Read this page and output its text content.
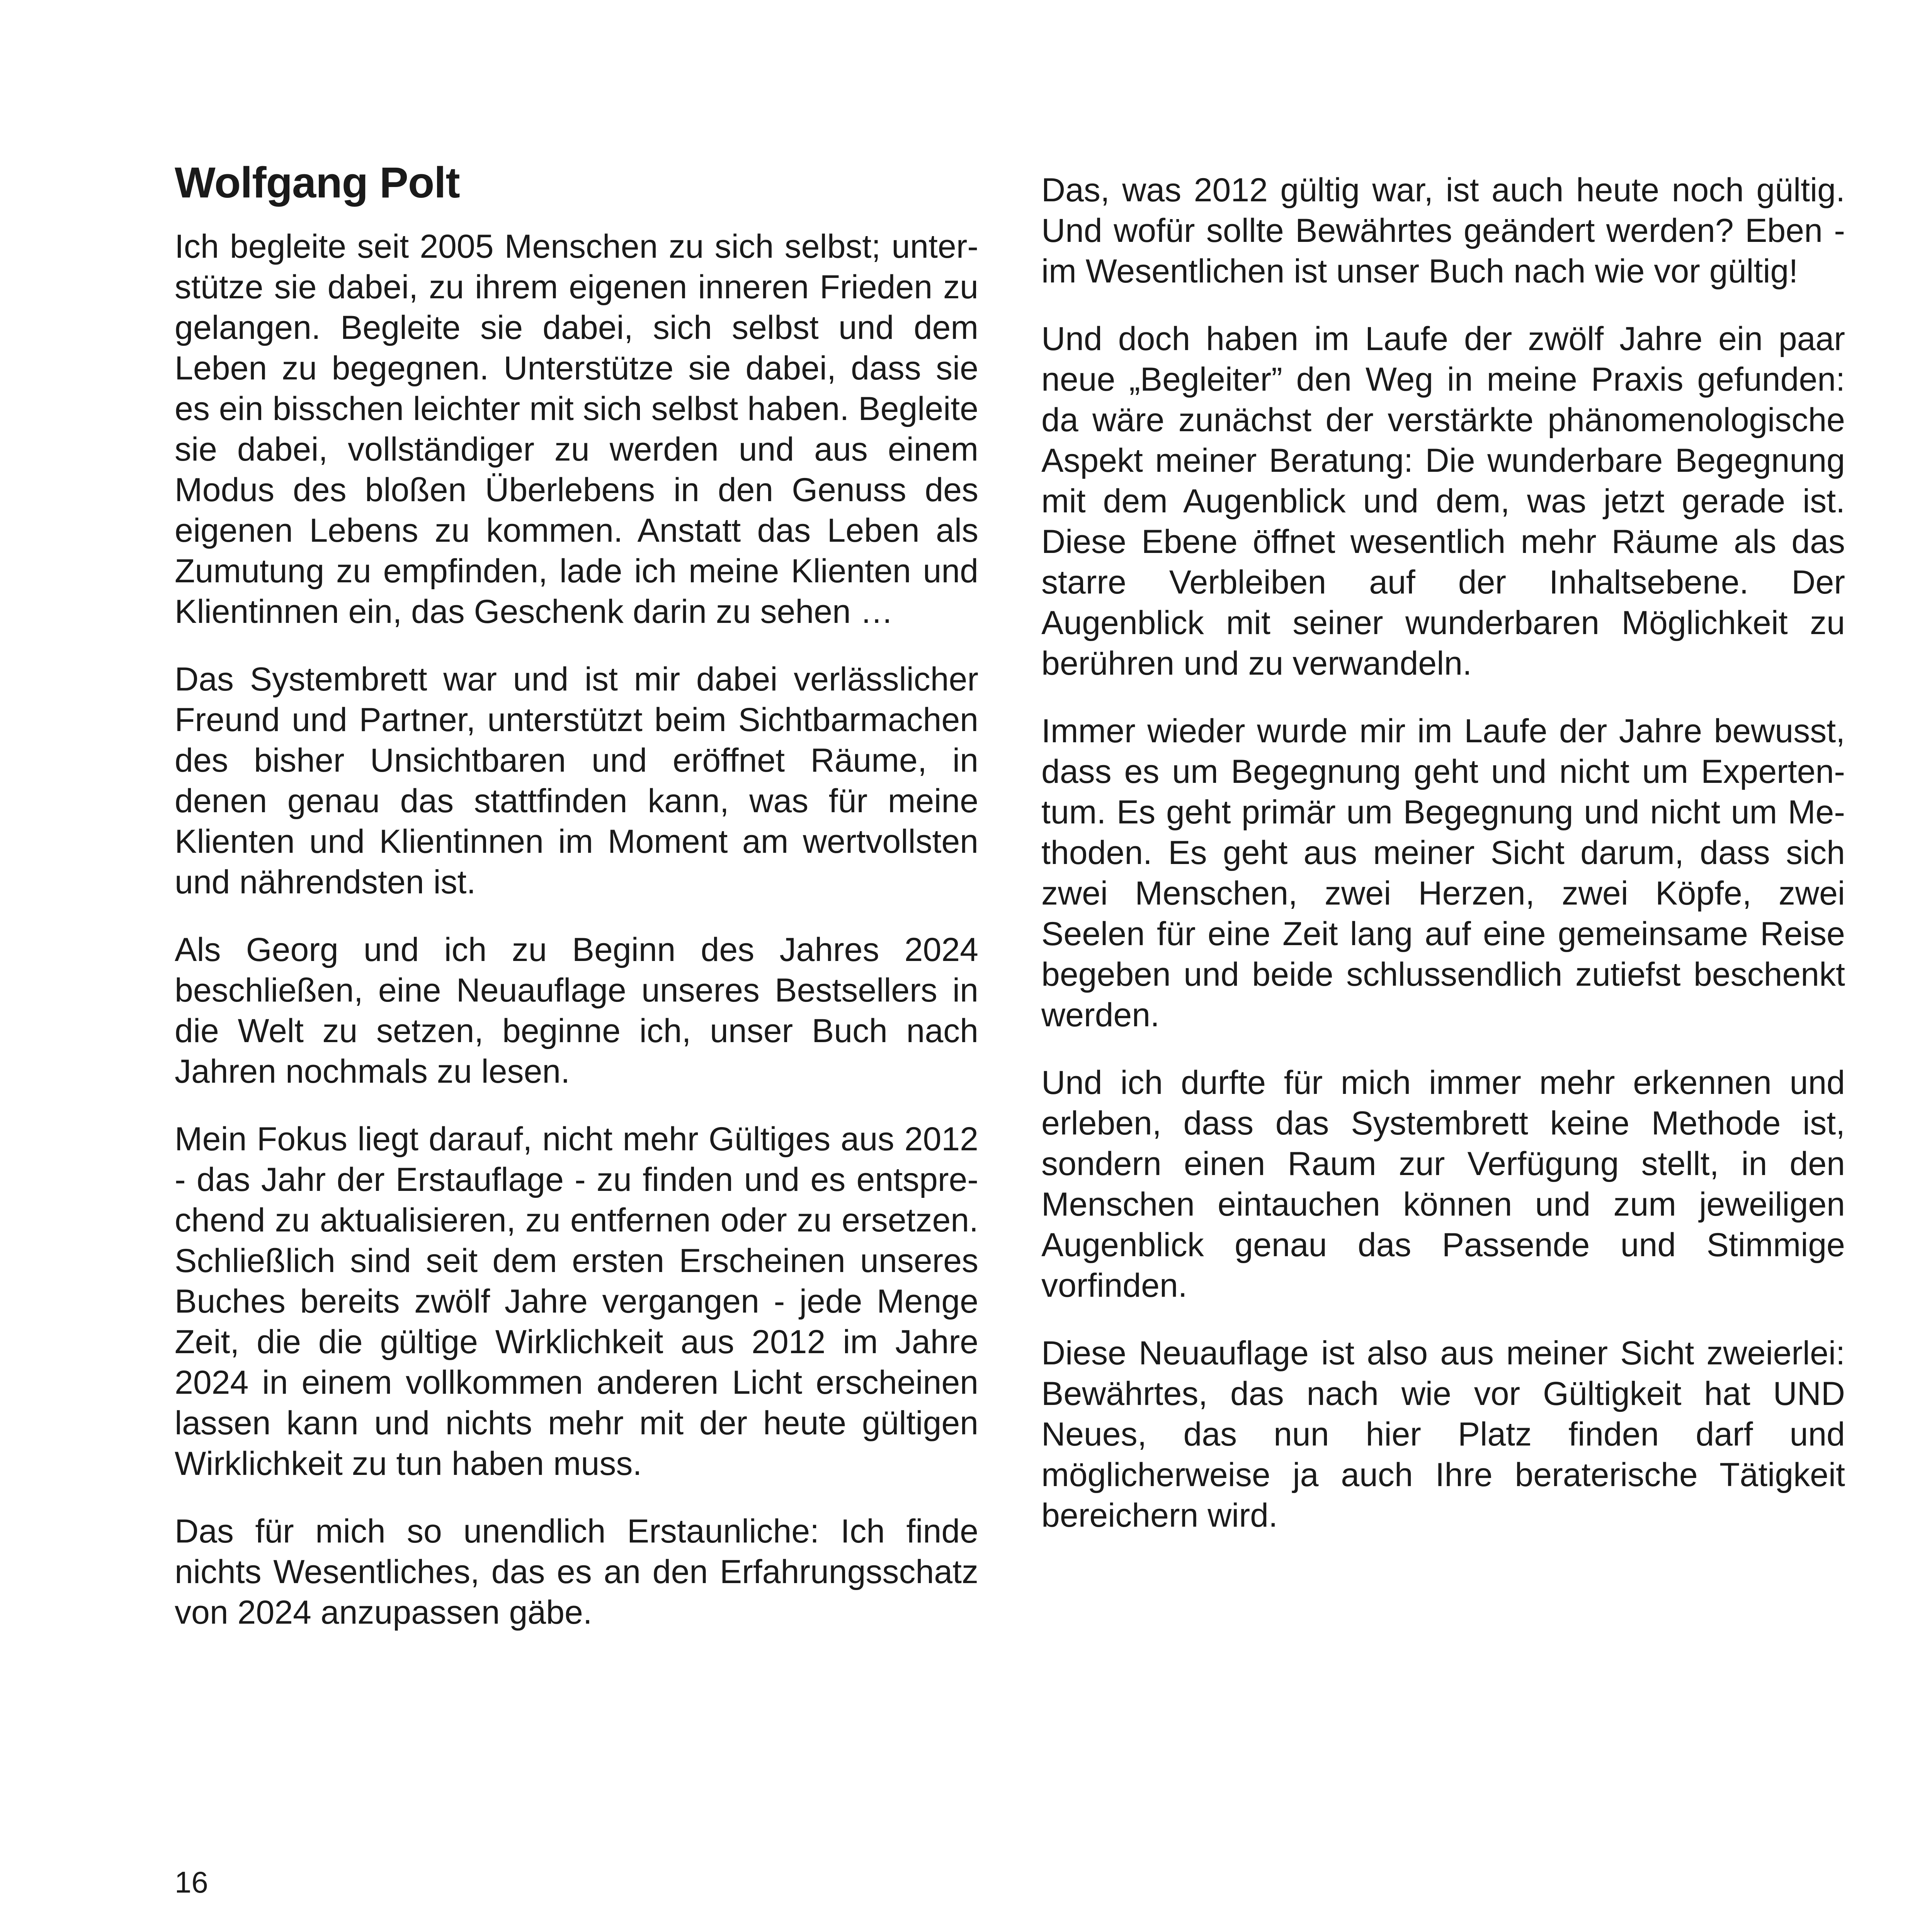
Wolfgang Polt

Ich begleite seit 2005 Menschen zu sich selbst; unterstütze sie dabei, zu ihrem eigenen inneren Frieden zu gelangen. Begleite sie dabei, sich selbst und dem Leben zu begegnen. Unterstütze sie dabei, dass sie es ein bisschen leichter mit sich selbst haben. Begleite sie dabei, vollständiger zu werden und aus einem Modus des bloßen Überlebens in den Genuss des eigenen Lebens zu kommen. Anstatt das Leben als Zumutung zu empfinden, lade ich meine Klienten und Klientinnen ein, das Geschenk darin zu sehen …

Das Systembrett war und ist mir dabei verlässlicher Freund und Partner, unterstützt beim Sichtbarmachen des bisher Unsichtbaren und eröffnet Räume, in denen genau das stattfinden kann, was für meine Klienten und Klientinnen im Moment am wertvollsten und nährendsten ist.

Als Georg und ich zu Beginn des Jahres 2024 beschließen, eine Neuauflage unseres Bestsellers in die Welt zu setzen, beginne ich, unser Buch nach Jahren nochmals zu lesen.

Mein Fokus liegt darauf, nicht mehr Gültiges aus 2012 - das Jahr der Erstauflage - zu finden und es entsprechend zu aktualisieren, zu entfernen oder zu ersetzen. Schließlich sind seit dem ersten Erscheinen unseres Buches bereits zwölf Jahre vergangen - jede Menge Zeit, die die gültige Wirklichkeit aus 2012 im Jahre 2024 in einem vollkommen anderen Licht erscheinen lassen kann und nichts mehr mit der heute gültigen Wirklichkeit zu tun haben muss.

Das für mich so unendlich Erstaunliche: Ich finde nichts Wesentliches, das es an den Erfahrungsschatz von 2024 anzupassen gäbe.

Das, was 2012 gültig war, ist auch heute noch gültig. Und wofür sollte Bewährtes geändert werden? Eben - im Wesentlichen ist unser Buch nach wie vor gültig!

Und doch haben im Laufe der zwölf Jahre ein paar neue „Begleiter” den Weg in meine Praxis gefunden: da wäre zunächst der verstärkte phänomenologische Aspekt meiner Beratung: Die wunderbare Begegnung mit dem Augenblick und dem, was jetzt gerade ist. Diese Ebene öffnet wesentlich mehr Räume als das starre Verbleiben auf der Inhaltsebene. Der Augenblick mit seiner wunderbaren Möglichkeit zu berühren und zu verwandeln.

Immer wieder wurde mir im Laufe der Jahre bewusst, dass es um Begegnung geht und nicht um Expertentum. Es geht primär um Begegnung und nicht um Methoden. Es geht aus meiner Sicht darum, dass sich zwei Menschen, zwei Herzen, zwei Köpfe, zwei Seelen für eine Zeit lang auf eine gemeinsame Reise begeben und beide schlussendlich zutiefst beschenkt werden.

Und ich durfte für mich immer mehr erkennen und erleben, dass das Systembrett keine Methode ist, sondern einen Raum zur Verfügung stellt, in den Menschen eintauchen können und zum jeweiligen Augenblick genau das Passende und Stimmige vorfinden.

Diese Neuauflage ist also aus meiner Sicht zweierlei: Bewährtes, das nach wie vor Gültigkeit hat UND Neues, das nun hier Platz finden darf und möglicherweise ja auch Ihre beraterische Tätigkeit bereichern wird.

16
